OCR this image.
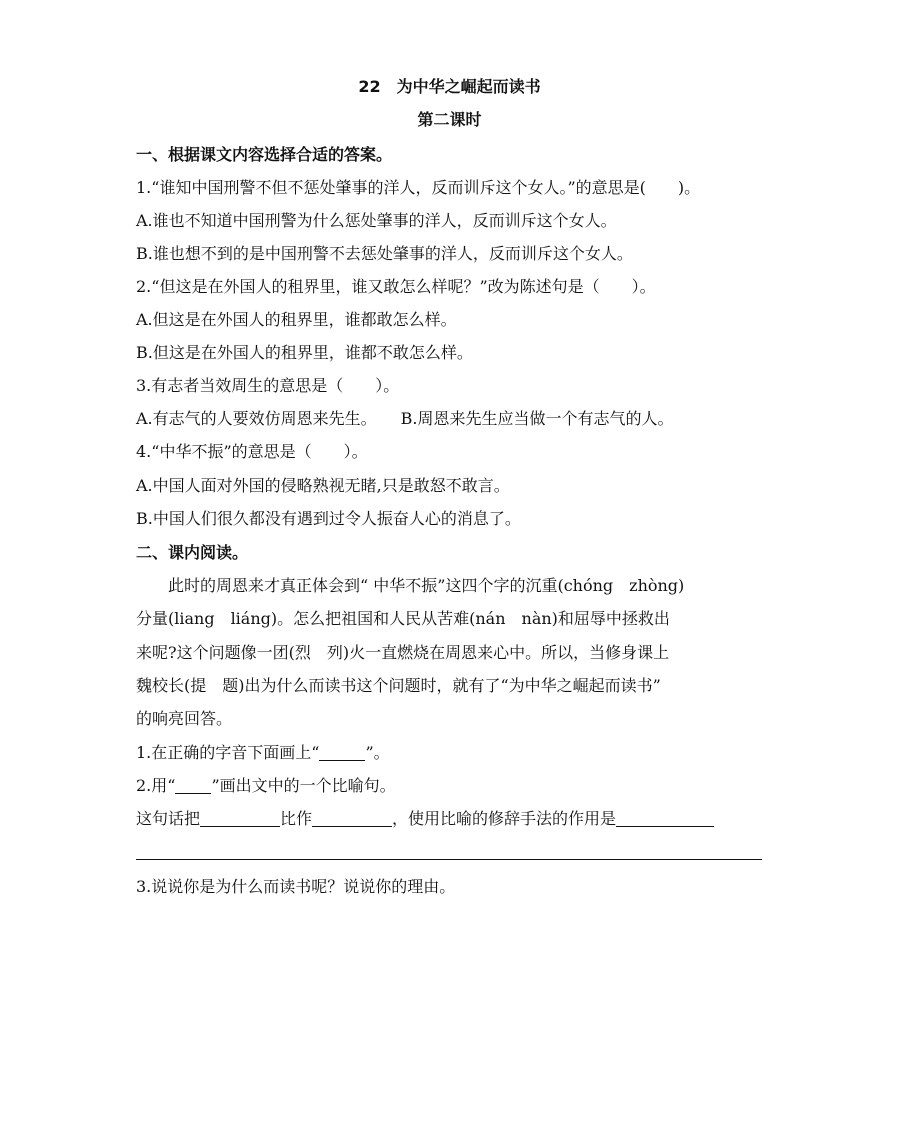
22　为中华之崛起而读书
第二课时
一、根据课文内容选择合适的答案。
1.“谁知中国刑警不但不惩处肇事的洋人，反而训斥这个女人。”的意思是(　　)。
A.谁也不知道中国刑警为什么惩处肇事的洋人，反而训斥这个女人。
B.谁也想不到的是中国刑警不去惩处肇事的洋人，反而训斥这个女人。
2.“但这是在外国人的租界里，谁又敢怎么样呢？”改为陈述句是（　　）。
A.但这是在外国人的租界里，谁都敢怎么样。
B.但这是在外国人的租界里，谁都不敢怎么样。
3.有志者当效周生的意思是（　　）。
A.有志气的人要效仿周恩来先生。　　B.周恩来先生应当做一个有志气的人。
4.“中华不振”的意思是（　　）。
A.中国人面对外国的侵略熟视无睹,只是敢怒不敢言。
B.中国人们很久都没有遇到过令人振奋人心的消息了。
二、课内阅读。
此时的周恩来才真正体会到“ 中华不振”这四个字的沉重(chóng　zhòng)
分量(liang　liáng)。怎么把祖国和人民从苦难(nán　nàn)和屈辱中拯救出
来呢?这个问题像一团(烈　列)火一直燃烧在周恩来心中。所以，当修身课上
魏校长(提　题)出为什么而读书这个问题时，就有了“为中华之崛起而读书”
的响亮回答。
1.在正确的字音下面画上“	”。
2.用“ ”画出文中的一个比喻句。
这句话把	比作	，使用比喻的修辞手法的作用是
3.说说你是为什么而读书呢？说说你的理由。
